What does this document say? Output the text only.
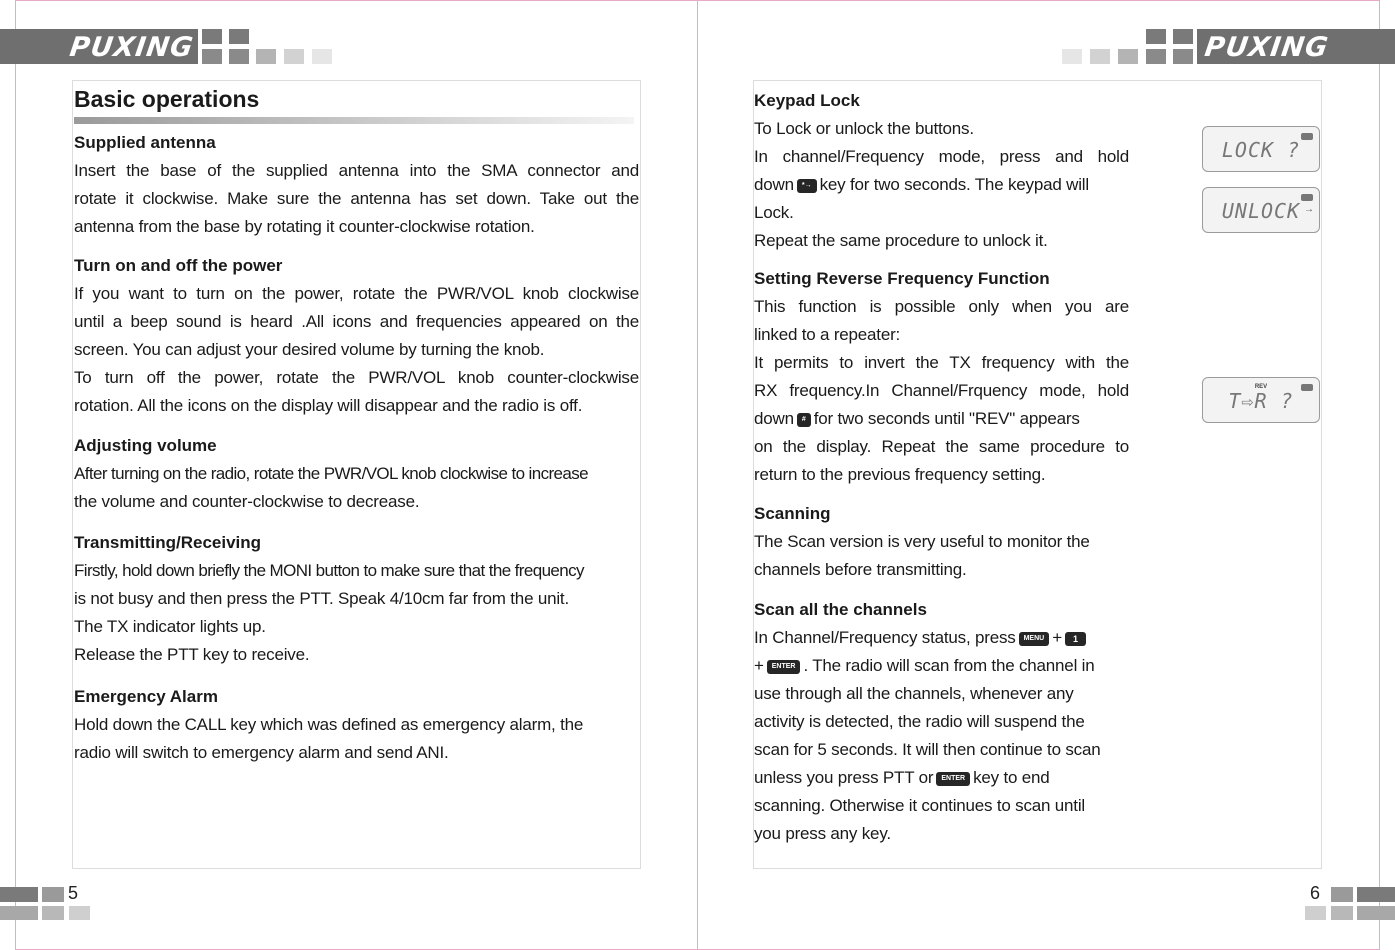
PUXING	PUXING
Basic operations
Supplied antenna

Insert the base of the supplied antenna into the SMA connector and

rotate it clockwise. Make sure the antenna has set down. Take out the

antenna from the base by rotating it counter-clockwise rotation.

Turn on and off the power

If you want to turn on the power, rotate the PWR/VOL knob clockwise

until a beep sound is heard .All icons and frequencies appeared on the

screen. You can adjust your desired volume by turning the knob.

To turn off the power, rotate the PWR/VOL knob counter-clockwise

rotation. All the icons on the display will disappear and the radio is off.

Adjusting volume

After turning on the radio, rotate the PWR/VOL knob clockwise to increase

the volume and counter-clockwise to decrease.

Transmitting/Receiving

Firstly, hold down briefly the MONI button to make sure that the frequency

is not busy and then press the PTT. Speak 4/10cm far from the unit.

The TX indicator lights up.

Release the PTT key to receive.

Emergency Alarm

Hold down the CALL key which was defined as emergency alarm, the

radio will switch to emergency alarm and send ANI.

Keypad Lock

To Lock or unlock the buttons.

In channel/Frequency mode, press and hold

down *→ key for two seconds. The keypad will

Lock.

Repeat the same procedure to unlock it.

Setting Reverse Frequency Function

This function is possible only when you are

linked to a repeater:

It permits to invert the TX frequency with the

RX frequency.In Channel/Frquency mode, hold

down # for two seconds until "REV" appears

on the display. Repeat the same procedure to

return to the previous frequency setting.

Scanning

The Scan version is very useful to monitor the

channels before transmitting.

Scan all the channels

In Channel/Frequency status, press MENU + 1

+ ENTER . The radio will scan from the channel in

use through all the channels, whenever any

activity is detected, the radio will suspend the

scan for 5 seconds. It will then continue to scan

unless you press PTT or ENTER key to end

scanning. Otherwise it continues to scan until

you press any key.

LOCK ?
→
UNLOCK
REV
T⇨R ?
5	6
